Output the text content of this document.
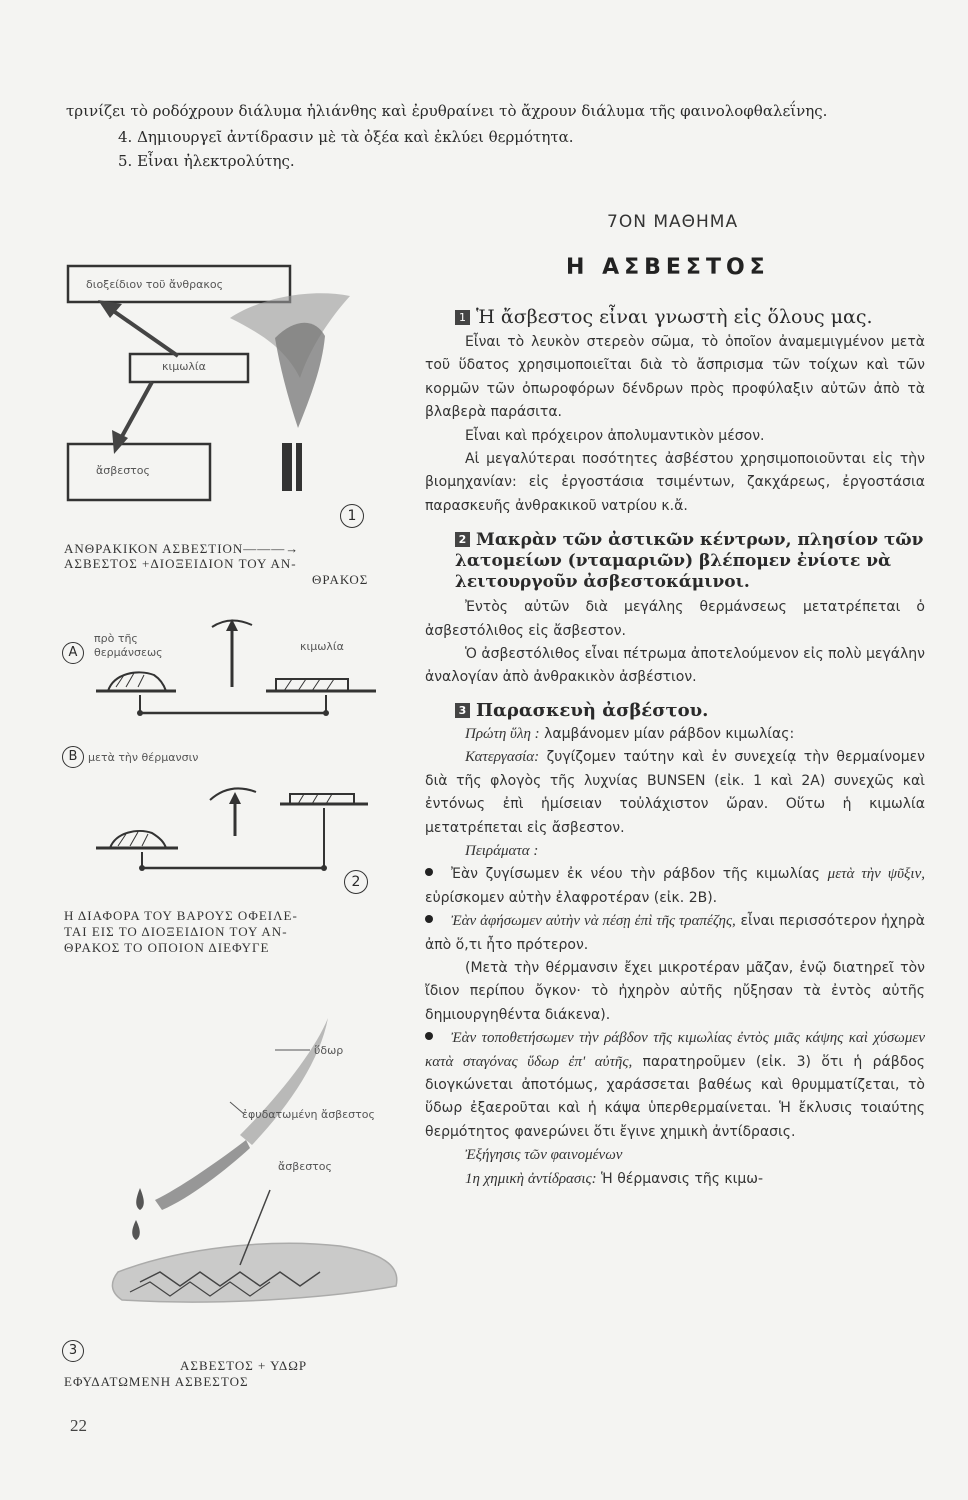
τρινίζει τὸ ροδόχρουν διάλυμα ἡλιάνθης καὶ ἐρυθραίνει τὸ ἄχρουν διάλυμα τῆς φαινολοφθαλεΐνης.
4. Δημιουργεῖ ἀντίδρασιν μὲ τὰ ὀξέα καὶ ἐκλύει θερμότητα.
5. Εἶναι ἠλεκτρολύτης.
7ΟΝ ΜΑΘΗΜΑ
Η ΑΣΒΕΣΤΟΣ
διοξείδιον τοῦ ἄνθρακος
κιμωλία
ἄσβεστος
1
ΑΝΘΡΑΚΙΚΟΝ ΑΣΒΕΣΤΙΟΝ———→
ΑΣΒΕΣΤΟΣ +ΔΙΟΞΕΙΔΙΟΝ ΤΟΥ ΑΝ-
ΘΡΑΚΟΣ
A
πρὸ τῆς
θερμάνσεως	κιμωλία
B μετὰ τὴν θέρμανσιν
2
Η ΔΙΑΦΟΡΑ ΤΟΥ ΒΑΡΟΥΣ ΟΦΕΙΛΕ-
ΤΑΙ ΕΙΣ ΤΟ ΔΙΟΞΕΙΔΙΟΝ ΤΟΥ ΑΝ-
ΘΡΑΚΟΣ ΤΟ ΟΠΟΙΟΝ ΔΙΕΦΥΓΕ
ὕδωρ
ἐφυδατωμένη ἄσβεστος
ἄσβεστος
3
ΑΣΒΕΣΤΟΣ + ΥΔΩΡ
ΕΦΥΔΑΤΩΜΕΝΗ ΑΣΒΕΣΤΟΣ
22
1 Ἡ ἄσβεστος εἶναι γνωστὴ εἰς ὅλους μας.

Εἶναι τὸ λευκὸν στερεὸν σῶμα, τὸ ὁποῖον ἀναμεμιγμένον μετὰ τοῦ ὕδατος χρησιμοποιεῖται διὰ τὸ ἄσπρισμα τῶν τοίχων καὶ τῶν κορμῶν τῶν ὀπωροφόρων δένδρων πρὸς προφύλαξιν αὐτῶν ἀπὸ τὰ βλαβερὰ παράσιτα.

Εἶναι καὶ πρόχειρον ἀπολυμαντικὸν μέσον.

Αἱ μεγαλύτεραι ποσότητες ἀσβέστου χρησιμοποιοῦνται εἰς τὴν βιομηχανίαν: εἰς ἐργοστάσια τσιμέντων, ζακχάρεως, ἐργοστάσια παρασκευῆς ἀνθρακικοῦ νατρίου κ.ἄ.

2 Μακρὰν τῶν ἀστικῶν κέντρων, πλησίον τῶν λατομείων (νταμαριῶν) βλέπομεν ἐνίοτε νὰ λειτουργοῦν ἀσβεστοκάμινοι.

Ἐντὸς αὐτῶν διὰ μεγάλης θερμάνσεως μετατρέπεται ὁ ἀσβεστόλιθος εἰς ἄσβεστον.

Ὁ ἀσβεστόλιθος εἶναι πέτρωμα ἀποτελούμενον εἰς πολὺ μεγάλην ἀναλογίαν ἀπὸ ἀνθρακικὸν ἀσβέστιον.

3 Παρασκευὴ ἀσβέστου.

Πρώτη ὕλη : λαμβάνομεν μίαν ράβδον κιμωλίας:

Κατεργασία: ζυγίζομεν ταύτην καὶ ἐν συνεχείᾳ τὴν θερμαίνομεν διὰ τῆς φλογὸς τῆς λυχνίας BUNSEN (εἰκ. 1 καὶ 2Α) συνεχῶς καὶ ἐντόνως ἐπὶ ἡμίσειαν τοὐλάχιστον ὥραν. Οὕτω ἡ κιμωλία μετατρέπεται εἰς ἄσβεστον.

Πειράματα :

Ἐὰν ζυγίσωμεν ἐκ νέου τὴν ράβδον τῆς κιμωλίας μετὰ τὴν ψῦξιν, εὑρίσκομεν αὐτὴν ἐλαφροτέραν (εἰκ. 2Β).

Ἐὰν ἀφήσωμεν αὐτὴν νὰ πέσῃ ἐπὶ τῆς τραπέζης, εἶναι περισσότερον ἠχηρὰ ἀπὸ ὅ,τι ἦτο πρότερον.

(Μετὰ τὴν θέρμανσιν ἔχει μικροτέραν μᾶζαν, ἐνῷ διατηρεῖ τὸν ἴδιον περίπου ὄγκον· τὸ ἠχηρὸν αὐτῆς ηὔξησαν τὰ ἐντὸς αὐτῆς δημιουργηθέντα διάκενα).

Ἐὰν τοποθετήσωμεν τὴν ράβδον τῆς κιμωλίας ἐντὸς μιᾶς κάψης καὶ χύσωμεν κατὰ σταγόνας ὕδωρ ἐπ' αὐτῆς, παρατηροῦμεν (εἰκ. 3) ὅτι ἡ ράβδος διογκώνεται ἀποτόμως, χαράσσεται βαθέως καὶ θρυμματίζεται, τὸ ὕδωρ ἐξαεροῦται καὶ ἡ κάψα ὑπερθερμαίνεται. Ἡ ἔκλυσις τοιαύτης θερμότητος φανερώνει ὅτι ἔγινε χημικὴ ἀντίδρασις.

Ἐξήγησις τῶν φαινομένων

1η χημικὴ ἀντίδρασις: Ἡ θέρμανσις τῆς κιμω-
